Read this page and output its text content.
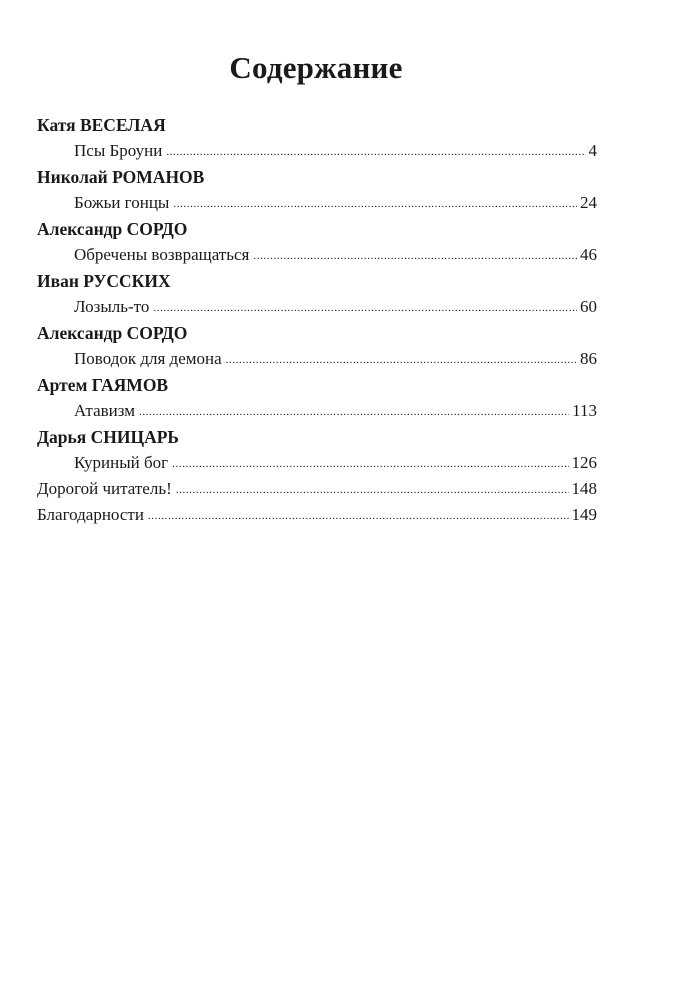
Содержание
Катя ВЕСЕЛАЯ
Псы Броуни .....	4
Николай РОМАНОВ
Божьи гонцы .....	24
Александр СОРДО
Обречены возвращаться .....	46
Иван РУССКИХ
Лозыль-то .....	60
Александр СОРДО
Поводок для демона .....	86
Артем ГАЯМОВ
Атавизм .....	113
Дарья СНИЦАРЬ
Куриный бог .....	126
Дорогой читатель! .....	148
Благодарности .....	149
